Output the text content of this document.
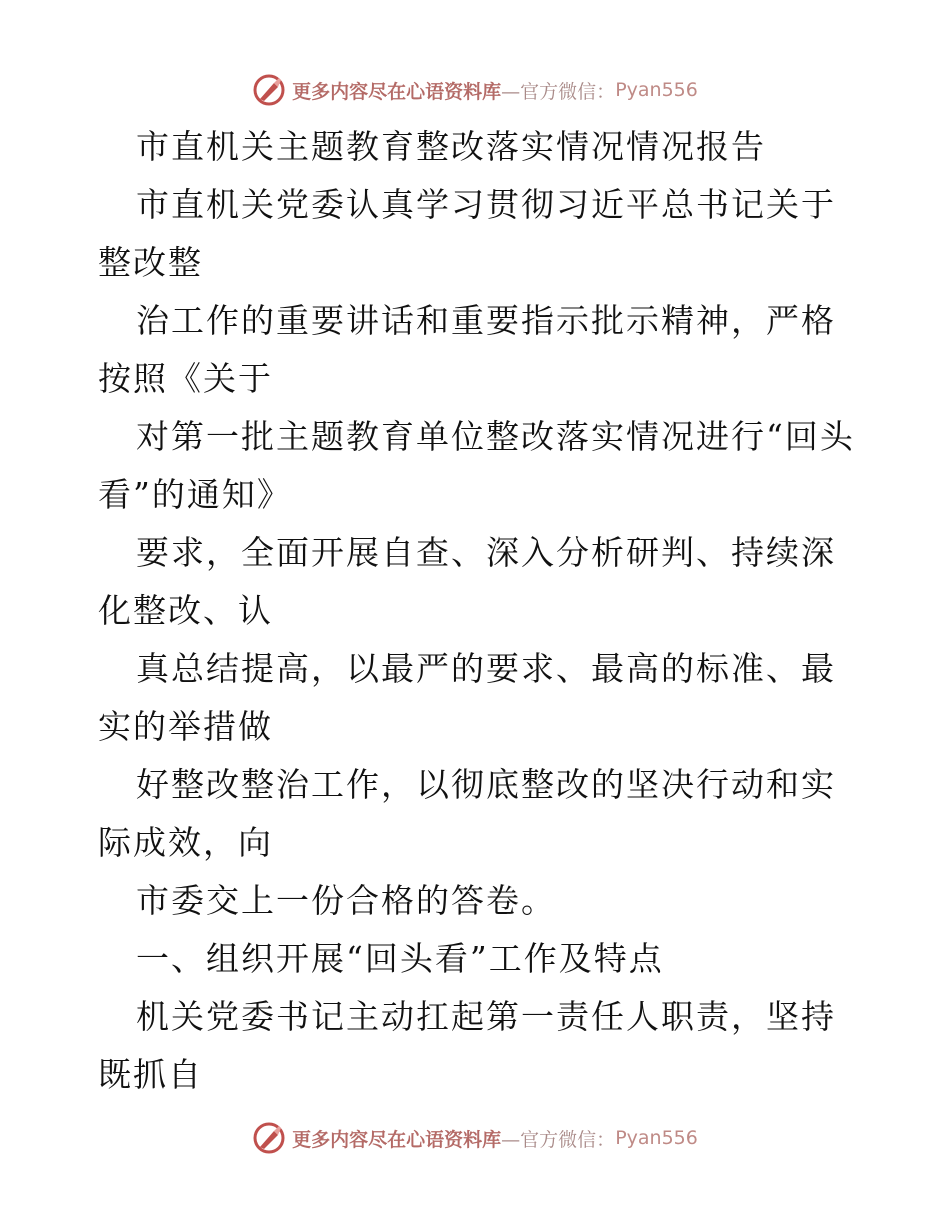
更多内容尽在心语资料库 —官方微信： Pyan556

市直机关主题教育整改落实情况情况报告

市直机关党委认真学习贯彻习近平总书记关于整改整

治工作的重要讲话和重要指示批示精神，严格按照《关于

对第一批主题教育单位整改落实情况进行“回头看”的通知》

要求，全面开展自查、深入分析研判、持续深化整改、认

真总结提高，以最严的要求、最高的标准、最实的举措做

好整改整治工作，以彻底整改的坚决行动和实际成效，向

市委交上一份合格的答卷。

一、组织开展“回头看”工作及特点

机关党委书记主动扛起第一责任人职责，坚持既抓自

更多内容尽在心语资料库 —官方微信： Pyan556
